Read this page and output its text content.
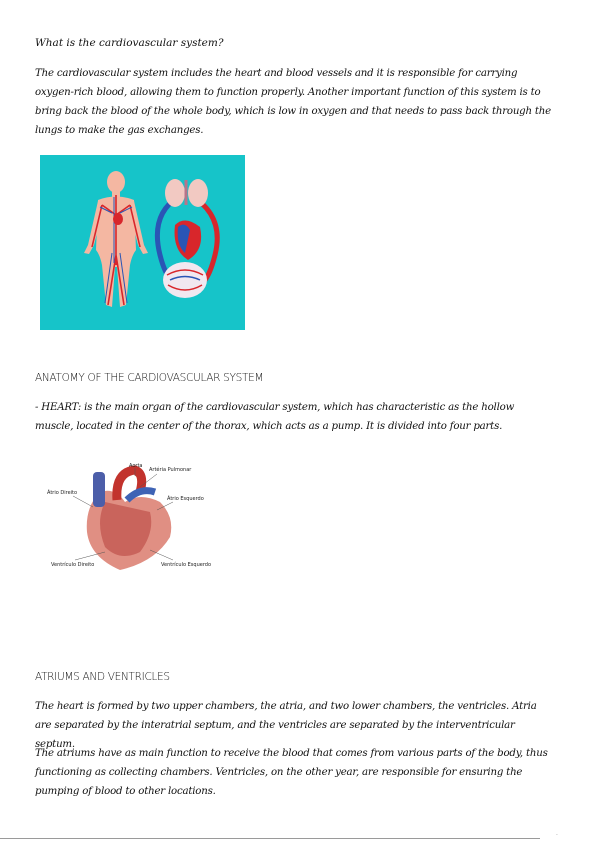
What is the cardiovascular system?
The cardiovascular system includes the heart and blood vessels and it is responsible for carrying oxygen-rich blood, allowing them to function properly. Another important function of this system is to bring back the blood of the whole body, which is low in oxygen and that needs to pass back through the lungs to make the gas exchanges.
ANATOMY OF THE CARDIOVASCULAR SYSTEM
- HEART: is the main organ of the cardiovascular system, which has characteristic as the hollow muscle, located in the center of the thorax, which acts as a pump. It is divided into four parts.
Aorta
Artéria Pulmonar
Átrio Direito
Átrio Esquerdo
Ventrículo Direito	Ventrículo Esquerdo
ATRIUMS AND VENTRICLES
The heart is formed by two upper chambers, the atria, and two lower chambers, the ventricles. Atria are separated by the interatrial septum, and the ventricles are separated by the interventricular septum.
The atriums have as main function to receive the blood that comes from various parts of the body, thus functioning as collecting chambers. Ventricles, on the other year, are responsible for ensuring the pumping of blood to other locations.
·
